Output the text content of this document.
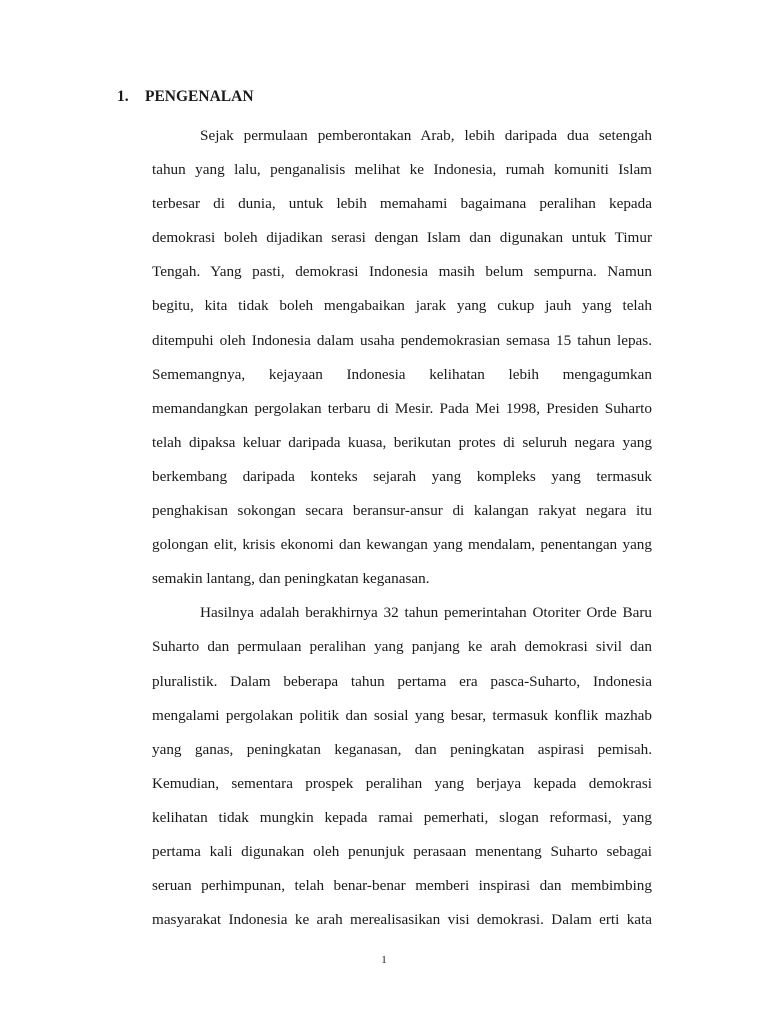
1. PENGENALAN
Sejak permulaan pemberontakan Arab, lebih daripada dua setengah
tahun yang lalu, penganalisis melihat ke Indonesia, rumah komuniti Islam
terbesar di dunia, untuk lebih memahami bagaimana peralihan kepada
demokrasi boleh dijadikan serasi dengan Islam dan digunakan untuk Timur
Tengah. Yang pasti, demokrasi Indonesia masih belum sempurna. Namun
begitu, kita tidak boleh mengabaikan jarak yang cukup jauh yang telah
ditempuhi oleh Indonesia dalam usaha pendemokrasian semasa 15 tahun lepas.
Sememangnya, kejayaan Indonesia kelihatan lebih mengagumkan
memandangkan pergolakan terbaru di Mesir. Pada Mei 1998, Presiden Suharto
telah dipaksa keluar daripada kuasa, berikutan protes di seluruh negara yang
berkembang daripada konteks sejarah yang kompleks yang termasuk
penghakisan sokongan secara beransur-ansur di kalangan rakyat negara itu
golongan elit, krisis ekonomi dan kewangan yang mendalam, penentangan yang
semakin lantang, dan peningkatan keganasan.
Hasilnya adalah berakhirnya 32 tahun pemerintahan Otoriter Orde Baru
Suharto dan permulaan peralihan yang panjang ke arah demokrasi sivil dan
pluralistik. Dalam beberapa tahun pertama era pasca-Suharto, Indonesia
mengalami pergolakan politik dan sosial yang besar, termasuk konflik mazhab
yang ganas, peningkatan keganasan, dan peningkatan aspirasi pemisah.
Kemudian, sementara prospek peralihan yang berjaya kepada demokrasi
kelihatan tidak mungkin kepada ramai pemerhati, slogan reformasi, yang
pertama kali digunakan oleh penunjuk perasaan menentang Suharto sebagai
seruan perhimpunan, telah benar-benar memberi inspirasi dan membimbing
masyarakat Indonesia ke arah merealisasikan visi demokrasi. Dalam erti kata
1
